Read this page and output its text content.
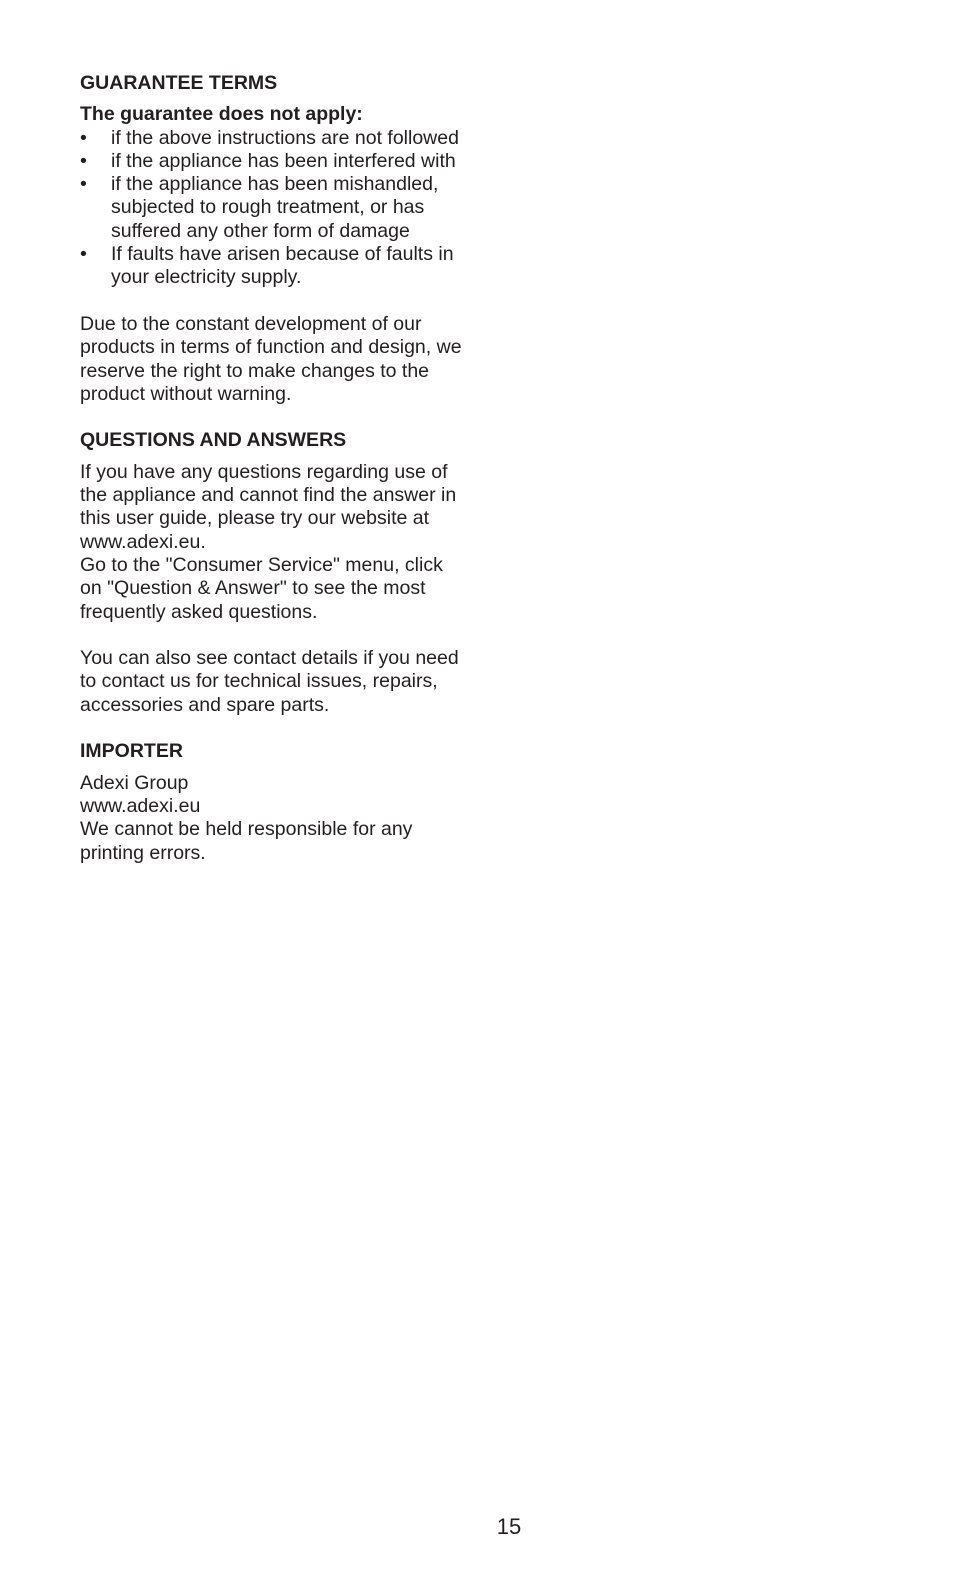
GUARANTEE TERMS
The guarantee does not apply:
• if the above instructions are not followed
• if the appliance has been interfered with
• if the appliance has been mishandled, subjected to rough treatment, or has suffered any other form of damage
• If faults have arisen because of faults in your electricity supply.

Due to the constant development of our products in terms of function and design, we reserve the right to make changes to the product without warning.

QUESTIONS AND ANSWERS

If you have any questions regarding use of the appliance and cannot find the answer in this user guide, please try our website at www.adexi.eu.

Go to the "Consumer Service" menu, click on "Question & Answer" to see the most frequently asked questions.

You can also see contact details if you need to contact us for technical issues, repairs, accessories and spare parts.

IMPORTER

Adexi Group

www.adexi.eu

We cannot be held responsible for any printing errors.

15
